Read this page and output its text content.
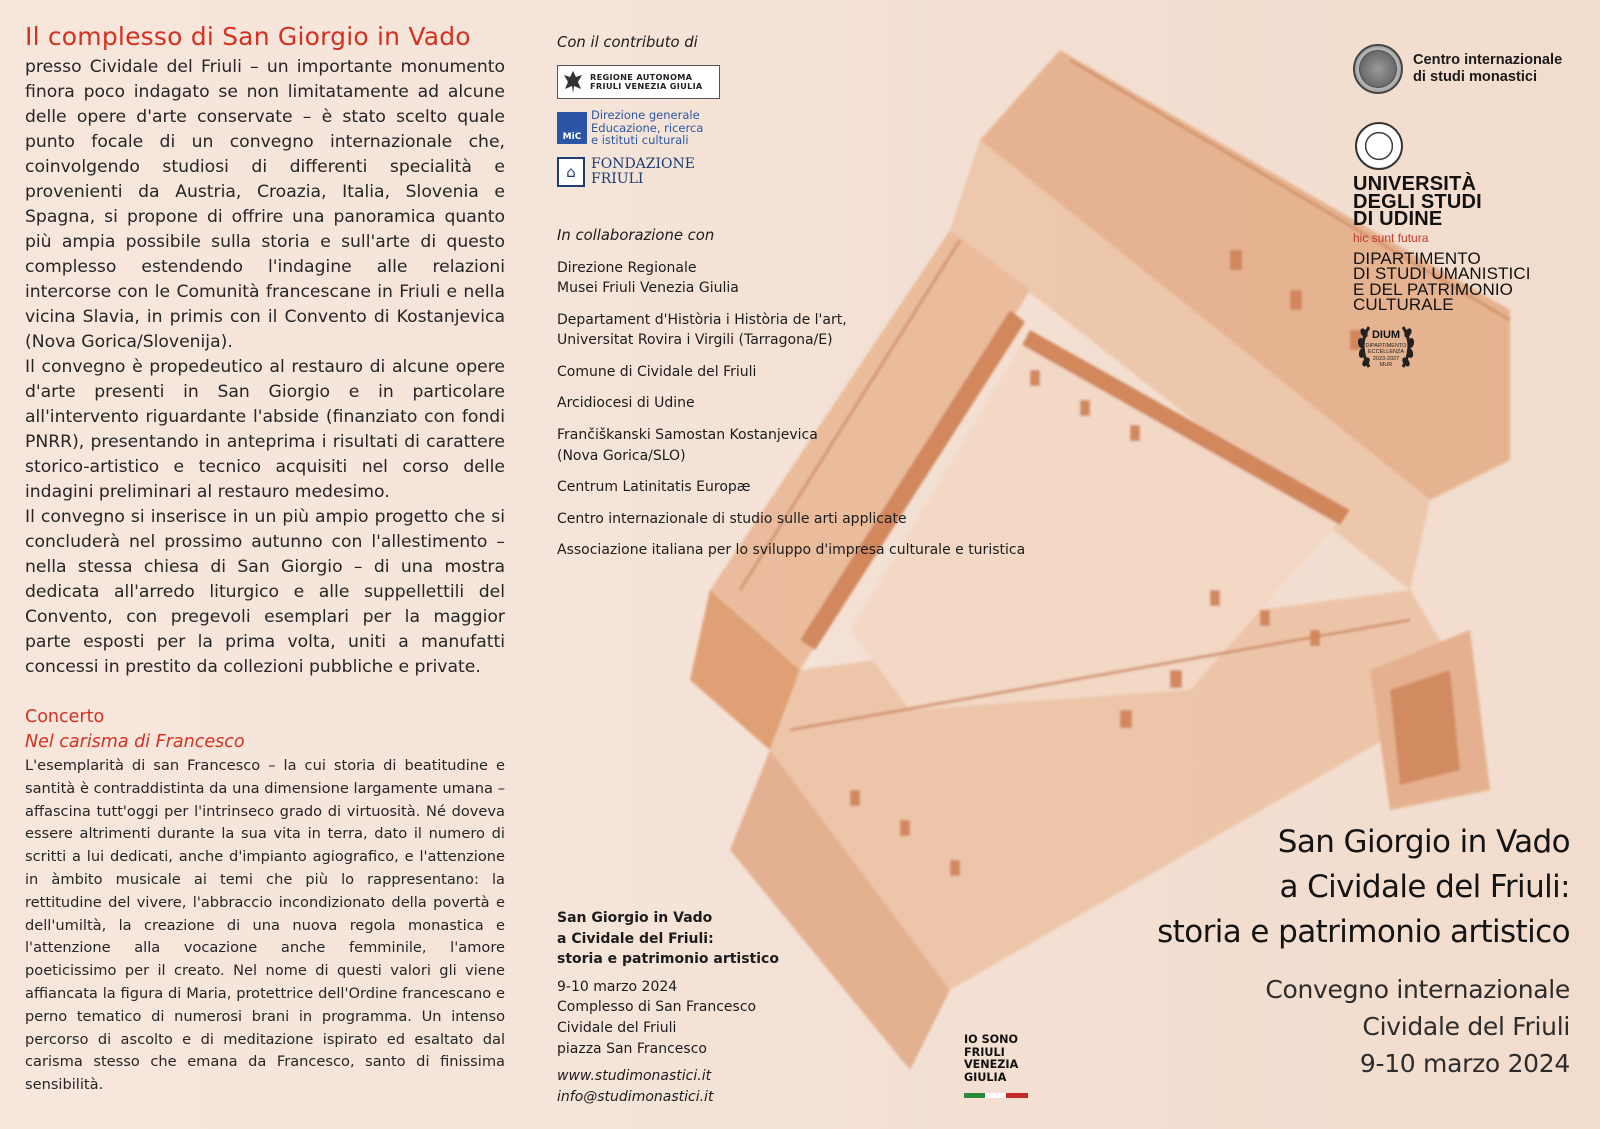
Il complesso di San Giorgio in Vado

presso Cividale del Friuli – un importante monumento finora poco indagato se non limitatamente ad alcune delle opere d'arte conservate – è stato scelto quale punto focale di un convegno internazionale che, coinvolgendo studiosi di differenti specialità e provenienti da Austria, Croazia, Italia, Slovenia e Spagna, si propone di offrire una panoramica quanto più ampia possibile sulla storia e sull'arte di questo complesso estendendo l'indagine alle relazioni intercorse con le Comunità francescane in Friuli e nella vicina Slavia, in primis con il Convento di Kostanjevica (Nova Gorica/Slovenija).

Il convegno è propedeutico al restauro di alcune opere d'arte presenti in San Giorgio e in particolare all'intervento riguardante l'abside (finanziato con fondi PNRR), presentando in anteprima i risultati di carattere storico-artistico e tecnico acquisiti nel corso delle indagini preliminari al restauro medesimo.

Il convegno si inserisce in un più ampio progetto che si concluderà nel prossimo autunno con l'allestimento – nella stessa chiesa di San Giorgio – di una mostra dedicata all'arredo liturgico e alle suppellettili del Convento, con pregevoli esemplari per la maggior parte esposti per la prima volta, uniti a manufatti concessi in prestito da collezioni pubbliche e private.

Concerto
Nel carisma di Francesco

L'esemplarità di san Francesco – la cui storia di beatitudine e santità è contraddistinta da una dimensione largamente umana – affascina tutt'oggi per l'intrinseco grado di virtuosità. Né doveva essere altrimenti durante la sua vita in terra, dato il numero di scritti a lui dedicati, anche d'impianto agiografico, e l'attenzione in àmbito musicale ai temi che più lo rappresentano: la rettitudine del vivere, l'abbraccio incondizionato della povertà e dell'umiltà, la creazione di una nuova regola monastica e l'attenzione alla vocazione anche femminile, l'amore poeticissimo per il creato. Nel nome di questi valori gli viene affiancata la figura di Maria, protettrice dell'Ordine francescano e perno tematico di numerosi brani in programma. Un intenso percorso di ascolto e di meditazione ispirato ed esaltato dal carisma stesso che emana da Francesco, santo di finissima sensibilità.

Con il contributo di
REGIONE AUTONOMA
FRIULI VENEZIA GIULIA
MiC
Direzione generale
Educazione, ricerca
e istituti culturali
⌂	FONDAZIONE
FRIULI
In collaborazione con
Direzione Regionale
Musei Friuli Venezia Giulia
Departament d'Història i Història de l'art,
Universitat Rovira i Virgili (Tarragona/E)
Comune di Cividale del Friuli
Arcidiocesi di Udine
Frančiškanski Samostan Kostanjevica
(Nova Gorica/SLO)
Centrum Latinitatis Europæ
Centro internazionale di studio sulle arti applicate
Associazione italiana per lo sviluppo d'impresa culturale e turistica
San Giorgio in Vado
a Cividale del Friuli:
storia e patrimonio artistico
9-10 marzo 2024
Complesso di San Francesco
Cividale del Friuli
piazza San Francesco
www.studimonastici.it
info@studimonastici.it
IO SONO
FRIULI
VENEZIA
GIULIA
Centro internazionale
di studi monastici
UNIVERSITÀ
DEGLI STUDI
DI UDINE
hic sunt futura
DIPARTIMENTO
DI STUDI UMANISTICI
E DEL PATRIMONIO
CULTURALE
DIUM
DIPARTIMENTO
ECCELLENZA
2023-2027
MUR
San Giorgio in Vado
a Cividale del Friuli:
storia e patrimonio artistico
Convegno internazionale
Cividale del Friuli
9-10 marzo 2024
